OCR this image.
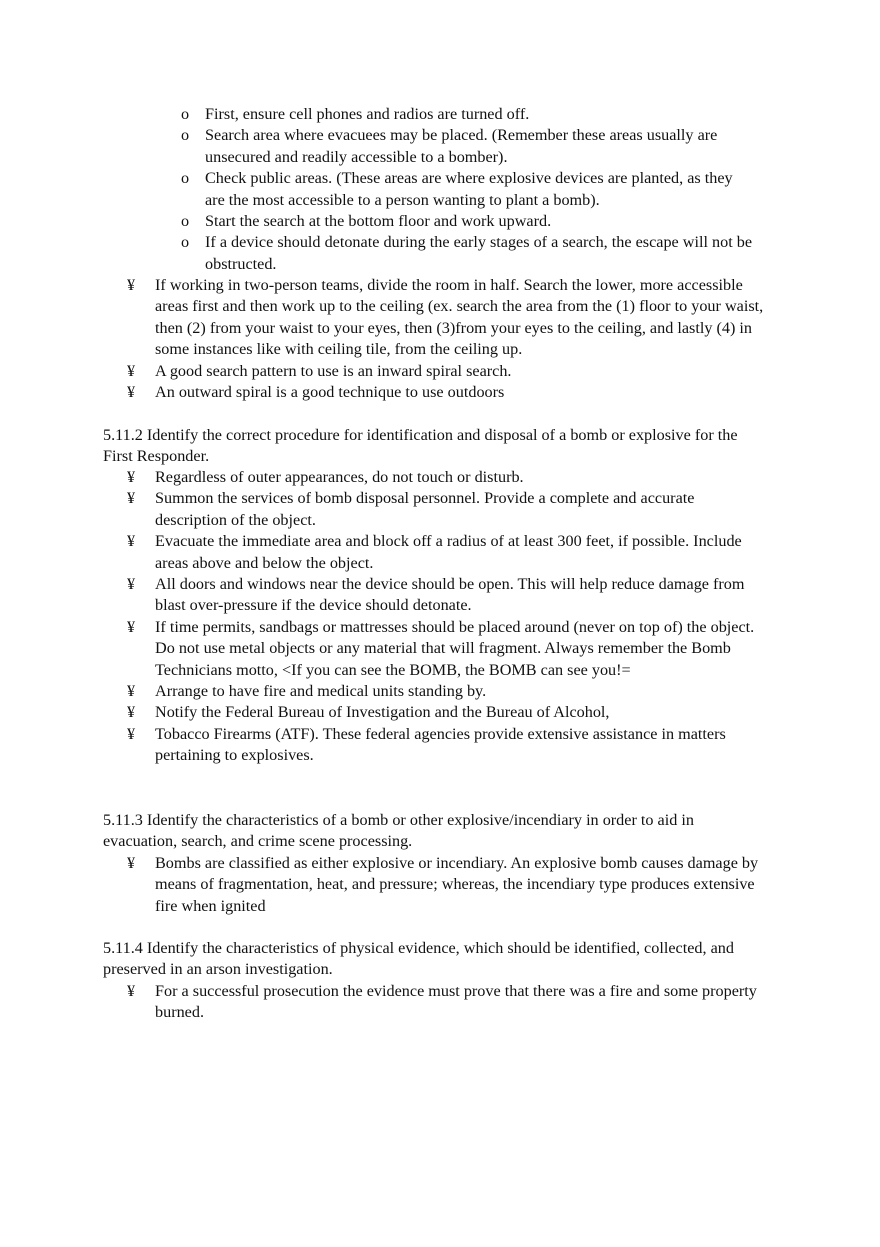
o First, ensure cell phones and radios are turned off.
o Search area where evacuees may be placed. (Remember these areas usually are unsecured and readily accessible to a bomber).
o Check public areas. (These areas are where explosive devices are planted, as they are the most accessible to a person wanting to plant a bomb).
o Start the search at the bottom floor and work upward.
o If a device should detonate during the early stages of a search, the escape will not be obstructed.
¥ If working in two-person teams, divide the room in half. Search the lower, more accessible areas first and then work up to the ceiling (ex. search the area from the (1) floor to your waist, then (2) from your waist to your eyes, then (3)from your eyes to the ceiling, and lastly (4) in some instances like with ceiling tile, from the ceiling up.
¥ A good search pattern to use is an inward spiral search.
¥ An outward spiral is a good technique to use outdoors
5.11.2 Identify the correct procedure for identification and disposal of a bomb or explosive for the First Responder.
¥ Regardless of outer appearances, do not touch or disturb.
¥ Summon the services of bomb disposal personnel. Provide a complete and accurate description of the object.
¥ Evacuate the immediate area and block off a radius of at least 300 feet, if possible. Include areas above and below the object.
¥ All doors and windows near the device should be open. This will help reduce damage from blast over-pressure if the device should detonate.
¥ If time permits, sandbags or mattresses should be placed around (never on top of) the object. Do not use metal objects or any material that will fragment. Always remember the Bomb Technicians motto, <If you can see the BOMB, the BOMB can see you!=
¥ Arrange to have fire and medical units standing by.
¥ Notify the Federal Bureau of Investigation and the Bureau of Alcohol,
¥ Tobacco Firearms (ATF). These federal agencies provide extensive assistance in matters pertaining to explosives.
5.11.3 Identify the characteristics of a bomb or other explosive/incendiary in order to aid in evacuation, search, and crime scene processing.
¥ Bombs are classified as either explosive or incendiary. An explosive bomb causes damage by means of fragmentation, heat, and pressure; whereas, the incendiary type produces extensive fire when ignited
5.11.4 Identify the characteristics of physical evidence, which should be identified, collected, and preserved in an arson investigation.
¥ For a successful prosecution the evidence must prove that there was a fire and some property burned.
